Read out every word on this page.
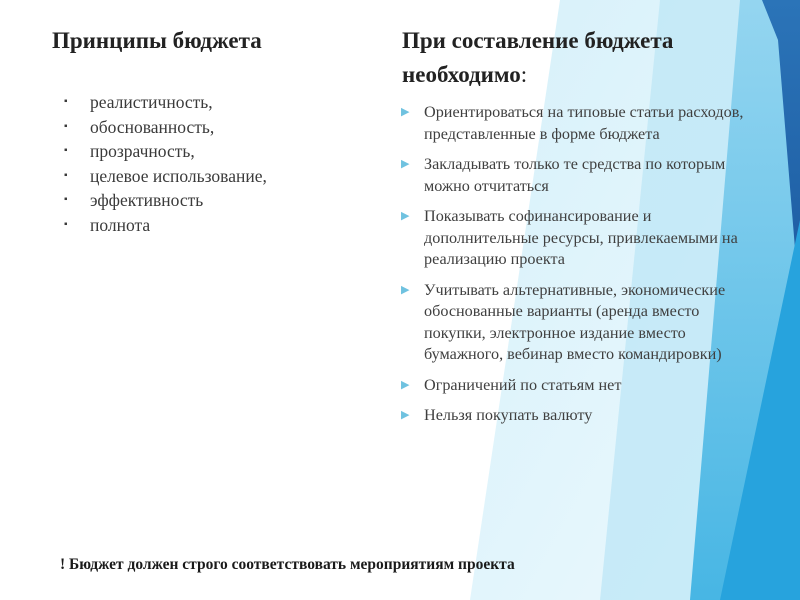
Принципы бюджета
▪ реалистичность,
▪ обоснованность,
▪ прозрачность,
▪ целевое использование,
▪ эффективность
▪ полнота
При составление бюджета необходимо:
▶ Ориентироваться на типовые статьи расходов, представленные в форме бюджета
▶ Закладывать только те средства по которым можно отчитаться
▶ Показывать софинансирование и дополнительные ресурсы, привлекаемыми на реализацию проекта
▶ Учитывать альтернативные, экономические обоснованные варианты (аренда вместо покупки, электронное издание вместо бумажного, вебинар вместо командировки)
▶ Ограничений по статьям нет
▶ Нельзя покупать валюту
! Бюджет должен строго соответствовать мероприятиям проекта
